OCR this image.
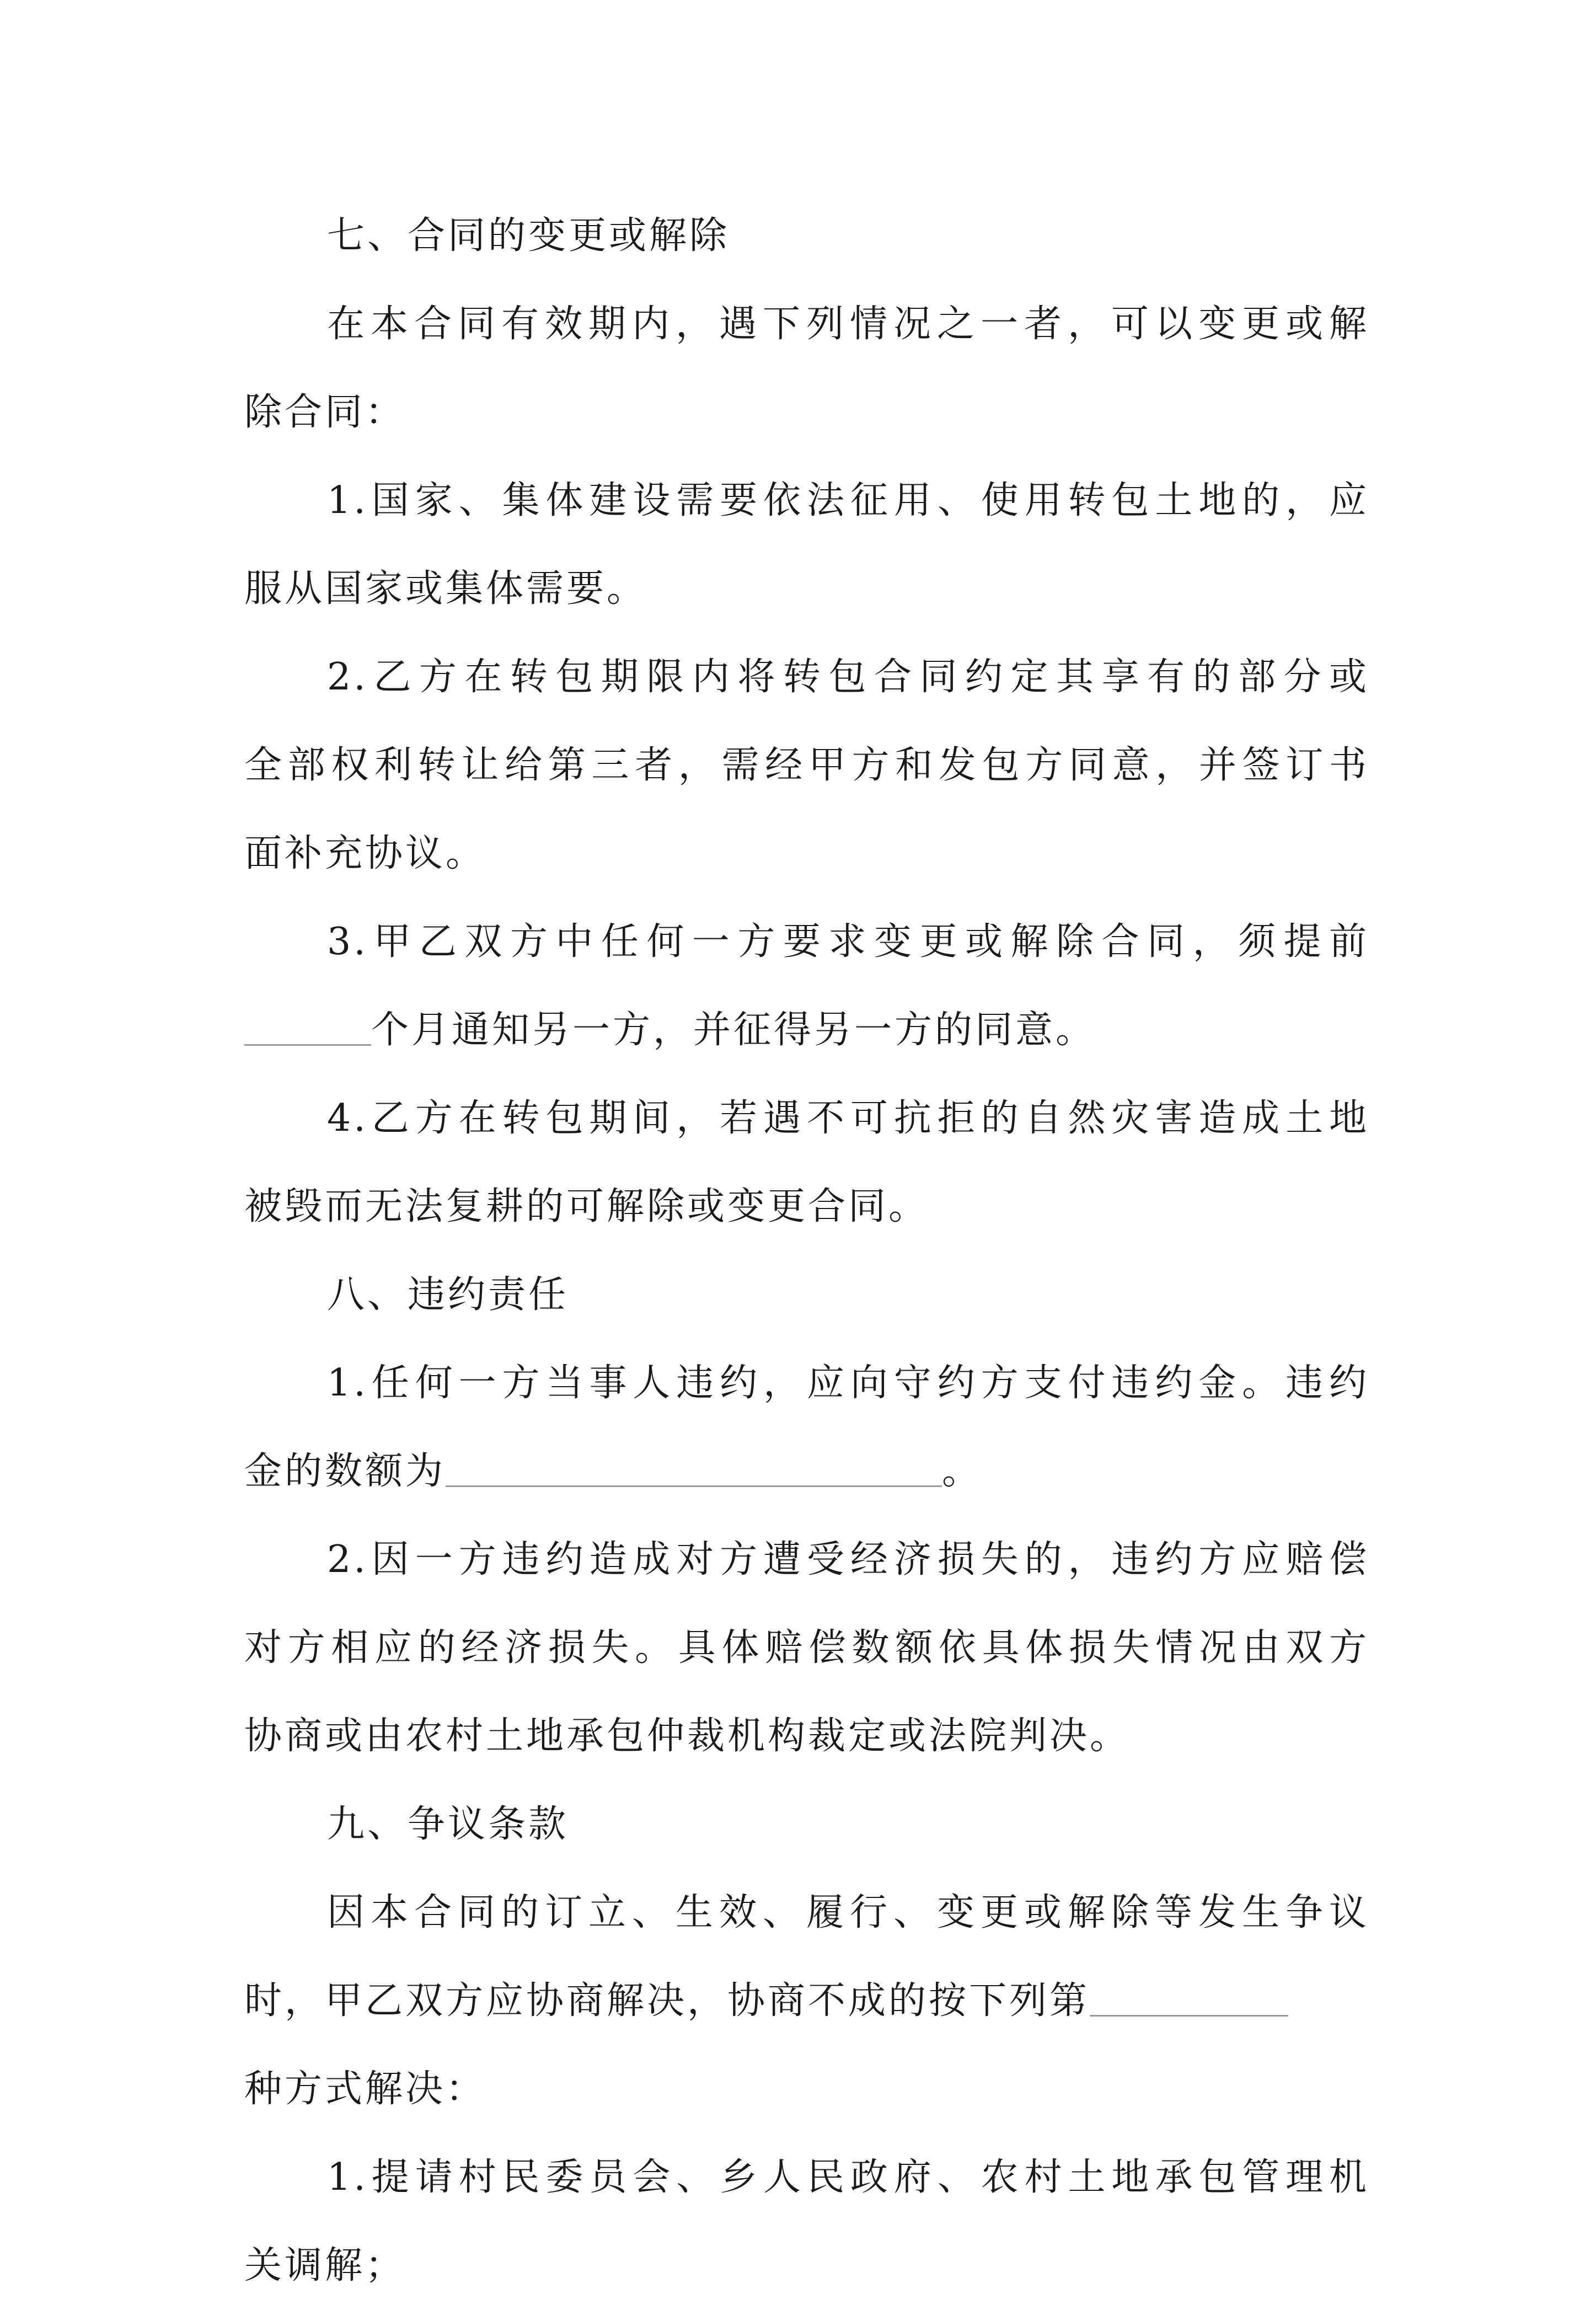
七、合同的变更或解除
在本合同有效期内，遇下列情况之一者，可以变更或解
除合同：
1.国家、集体建设需要依法征用、使用转包土地的，应
服从国家或集体需要。
2.乙方在转包期限内将转包合同约定其享有的部分或
全部权利转让给第三者，需经甲方和发包方同意，并签订书
面补充协议。
3.甲乙双方中任何一方要求变更或解除合同，须提前
个月通知另一方，并征得另一方的同意。
4.乙方在转包期间，若遇不可抗拒的自然灾害造成土地
被毁而无法复耕的可解除或变更合同。
八、违约责任
1.任何一方当事人违约，应向守约方支付违约金。违约
金的数额为	。
2.因一方违约造成对方遭受经济损失的，违约方应赔偿
对方相应的经济损失。具体赔偿数额依具体损失情况由双方
协商或由农村土地承包仲裁机构裁定或法院判决。
九、争议条款
因本合同的订立、生效、履行、变更或解除等发生争议
时，甲乙双方应协商解决，协商不成的按下列第
种方式解决：
1.提请村民委员会、乡人民政府、农村土地承包管理机
关调解；
